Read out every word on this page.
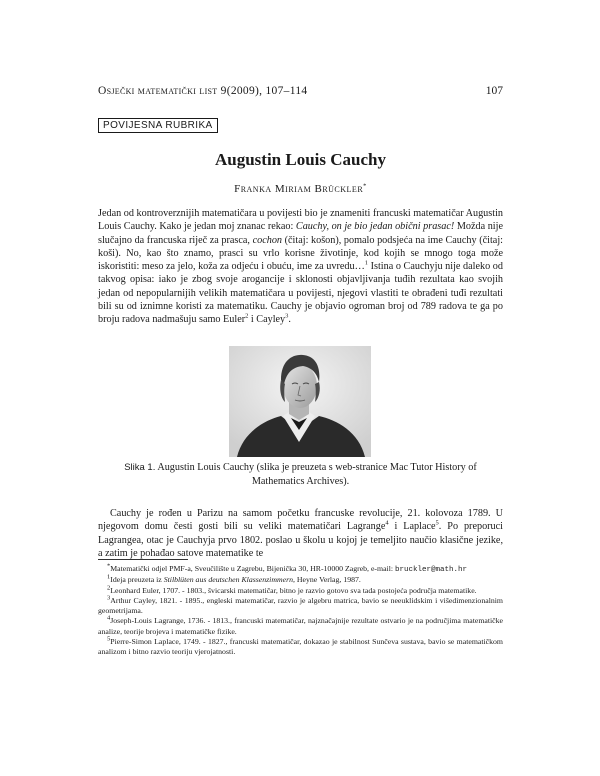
Osječki matematički list 9(2009), 107–114	107
POVIJESNA RUBRIKA
Augustin Louis Cauchy
Franka Miriam Brückler*

Jedan od kontroverznijih matematičara u povijesti bio je znameniti francuski matematičar Augustin Louis Cauchy. Kako je jedan moj znanac rekao: Cauchy, on je bio jedan obični prasac! Možda nije slučajno da francuska riječ za prasca, cochon (čitaj: košon), pomalo podsjeća na ime Cauchy (čitaj: koši). No, kao što znamo, prasci su vrlo korisne životinje, kod kojih se mnogo toga može iskoristiti: meso za jelo, koža za odjeću i obuću, ime za uvredu…$^1$ Istina o Cauchyju nije daleko od takvog opisa: iako je zbog svoje arogancije i sklonosti objavljivanja tuđih rezultata kao svojih jedan od nepopularnijih velikih matematičara u povijesti, njegovi vlastiti te obrađeni tuđi rezultati bili su od iznimne koristi za matematiku. Cauchy je objavio ogroman broj od 789 radova te ga po broju radova nadmašuju samo Euler$^2$ i Cayley$^3$.

Slika 1. Augustin Louis Cauchy (slika je preuzeta s web-stranice Mac Tutor History of Mathematics Archives).

Cauchy je rođen u Parizu na samom početku francuske revolucije, 21. kolovoza 1789. U njegovom domu česti gosti bili su veliki matematičari Lagrange$^4$ i Laplace$^5$. Po preporuci Lagrangea, otac je Cauchyja prvo 1802. poslao u školu u kojoj je temeljito naučio klasične jezike, a zatim je pohađao satove matematike te

*Matematički odjel PMF-a, Sveučilište u Zagrebu, Bijenička 30, HR-10000 Zagreb, e-mail: bruckler@math.hr
$^1$Ideja preuzeta iz Stilblüten aus deutschen Klassenzimmern, Heyne Verlag, 1987.
$^2$Leonhard Euler, 1707. - 1803., švicarski matematičar, bitno je razvio gotovo sva tada postojeća područja matematike.
$^3$Arthur Cayley, 1821. - 1895., engleski matematičar, razvio je algebru matrica, bavio se neeuklidskim i višedimenzionalnim geometrijama.
$^4$Joseph-Louis Lagrange, 1736. - 1813., francuski matematičar, najznačajnije rezultate ostvario je na područjima matematičke analize, teorije brojeva i matematičke fizike.
$^5$Pierre-Simon Laplace, 1749. - 1827., francuski matematičar, dokazao je stabilnost Sunčeva sustava, bavio se matematičkom analizom i bitno razvio teoriju vjerojatnosti.
